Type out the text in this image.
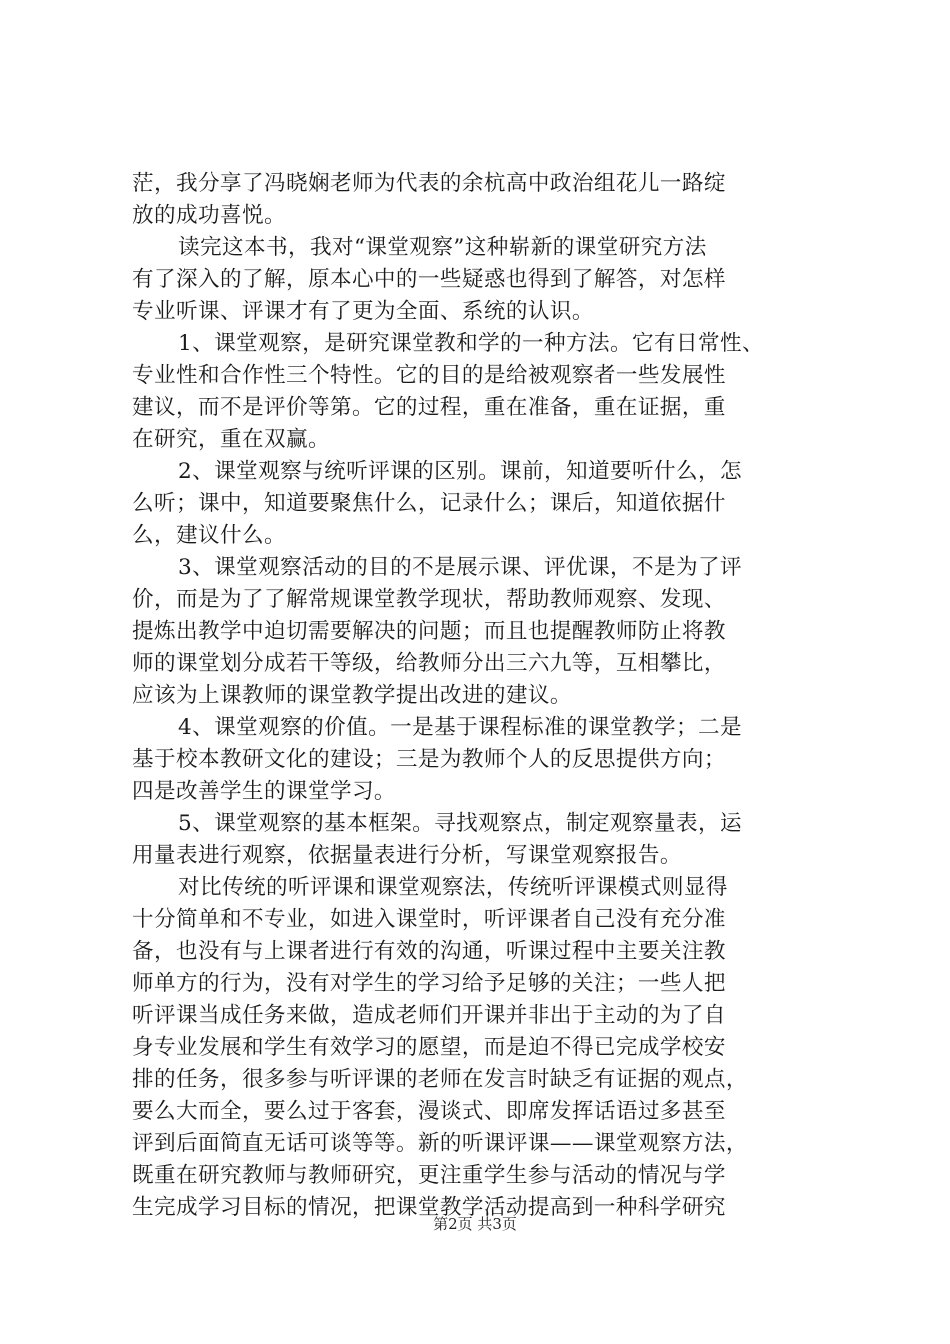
茫，我分享了冯晓娴老师为代表的余杭高中政治组花儿一路绽
放的成功喜悦。
读完这本书，我对“课堂观察”这种崭新的课堂研究方法
有了深入的了解，原本心中的一些疑惑也得到了解答，对怎样
专业听课、评课才有了更为全面、系统的认识。
1、课堂观察，是研究课堂教和学的一种方法。它有日常性、
专业性和合作性三个特性。它的目的是给被观察者一些发展性
建议，而不是评价等第。它的过程，重在准备，重在证据，重
在研究，重在双赢。
2、课堂观察与统听评课的区别。课前，知道要听什么，怎
么听；课中，知道要聚焦什么，记录什么；课后，知道依据什
么，建议什么。
3、课堂观察活动的目的不是展示课、评优课，不是为了评
价，而是为了了解常规课堂教学现状，帮助教师观察、发现、
提炼出教学中迫切需要解决的问题；而且也提醒教师防止将教
师的课堂划分成若干等级，给教师分出三六九等，互相攀比，
应该为上课教师的课堂教学提出改进的建议。
4、课堂观察的价值。一是基于课程标准的课堂教学；二是
基于校本教研文化的建设；三是为教师个人的反思提供方向；
四是改善学生的课堂学习。
5、课堂观察的基本框架。寻找观察点，制定观察量表，运
用量表进行观察，依据量表进行分析，写课堂观察报告。
对比传统的听评课和课堂观察法，传统听评课模式则显得
十分简单和不专业，如进入课堂时，听评课者自己没有充分准
备，也没有与上课者进行有效的沟通，听课过程中主要关注教
师单方的行为，没有对学生的学习给予足够的关注；一些人把
听评课当成任务来做，造成老师们开课并非出于主动的为了自
身专业发展和学生有效学习的愿望，而是迫不得已完成学校安
排的任务，很多参与听评课的老师在发言时缺乏有证据的观点，
要么大而全，要么过于客套，漫谈式、即席发挥话语过多甚至
评到后面简直无话可谈等等。新的听课评课——课堂观察方法，
既重在研究教师与教师研究，更注重学生参与活动的情况与学
生完成学习目标的情况，把课堂教学活动提高到一种科学研究
第2页 共3页
